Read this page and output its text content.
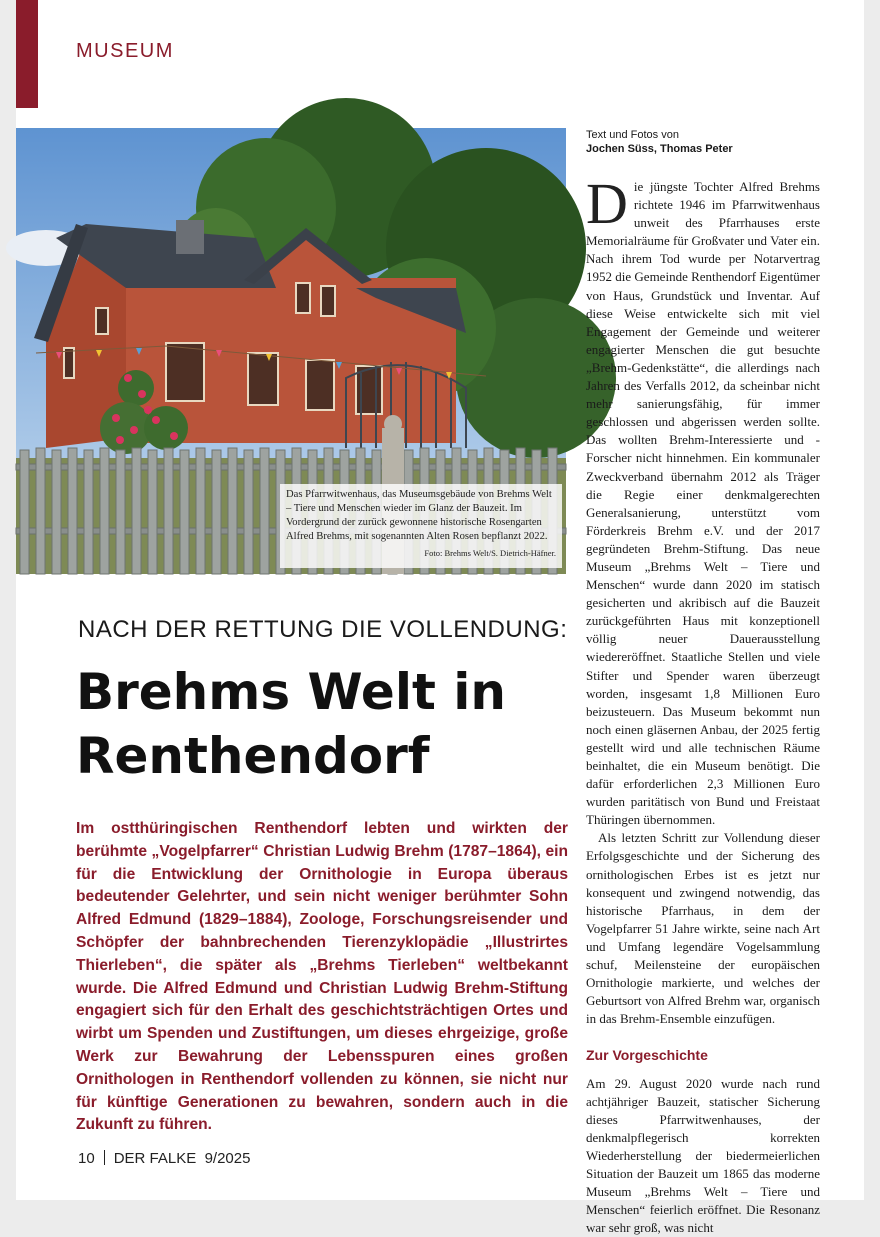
MUSEUM
Das Pfarrwitwenhaus, das Museumsgebäude von Brehms Welt – Tiere und Menschen wieder im Glanz der Bauzeit. Im Vordergrund der zurück gewonnene historische Rosengarten Alfred Brehms, mit sogenannten Alten Rosen bepflanzt 2022.
Foto: Brehms Welt/S. Dietrich-Häfner.
NACH DER RETTUNG DIE VOLLENDUNG:
Brehms Welt in
Renthendorf

Im ostthüringischen Renthendorf lebten und wirkten der berühmte „Vogelpfarrer“ Christian Ludwig Brehm (1787–1864), ein für die Entwicklung der Ornithologie in Europa überaus bedeutender Gelehrter, und sein nicht weniger berühmter Sohn Alfred Edmund (1829–1884), Zoologe, Forschungsreisender und Schöpfer der bahnbrechenden Tierenzyklopädie „Illustrirtes Thierleben“, die später als „Brehms Tierleben“ weltbekannt wurde. Die Alfred Edmund und Christian Ludwig Brehm-Stiftung engagiert sich für den Erhalt des geschichtsträchtigen Ortes und wirbt um Spenden und Zustiftungen, um dieses ehrgeizige, große Werk zur Bewahrung der Lebensspuren eines großen Ornithologen in Renthendorf vollenden zu können, sie nicht nur für künftige Generationen zu bewahren, sondern auch in die Zukunft zu führen.

10 DER FALKE 9/2025
Text und Fotos von
Jochen Süss, Thomas Peter

Die jüngste Tochter Alfred Brehms richtete 1946 im Pfarrwitwenhaus unweit des Pfarrhauses erste Memorialräume für Großvater und Vater ein. Nach ihrem Tod wurde per Notarvertrag 1952 die Gemeinde Renthendorf Eigentümer von Haus, Grundstück und Inventar. Auf diese Weise entwickelte sich mit viel Engagement der Gemeinde und weiterer engagierter Menschen die gut besuchte „Brehm-Gedenkstätte“, die allerdings nach Jahren des Verfalls 2012, da scheinbar nicht mehr sanierungsfähig, für immer geschlossen und abgerissen werden sollte. Das wollten Brehm-Interessierte und -Forscher nicht hinnehmen. Ein kommunaler Zweckverband übernahm 2012 als Träger die Regie einer denkmalgerechten Generalsanierung, unterstützt vom Förderkreis Brehm e.V. und der 2017 gegründeten Brehm-Stiftung. Das neue Museum „Brehms Welt – Tiere und Menschen“ wurde dann 2020 im statisch gesicherten und akribisch auf die Bauzeit zurückgeführten Haus mit konzeptionell völlig neuer Dauerausstellung wiedereröffnet. Staatliche Stellen und viele Stifter und Spender waren überzeugt worden, insgesamt 1,8 Millionen Euro beizusteuern. Das Museum bekommt nun noch einen gläsernen Anbau, der 2025 fertig gestellt wird und alle technischen Räume beinhaltet, die ein Museum benötigt. Die dafür erforderlichen 2,3 Millionen Euro wurden paritätisch von Bund und Freistaat Thüringen übernommen.

Als letzten Schritt zur Vollendung dieser Erfolgsgeschichte und der Sicherung des ornithologischen Erbes ist es jetzt nur konsequent und zwingend notwendig, das historische Pfarrhaus, in dem der Vogelpfarrer 51 Jahre wirkte, seine nach Art und Umfang legendäre Vogelsammlung schuf, Meilensteine der europäischen Ornithologie markierte, und welches der Geburtsort von Alfred Brehm war, organisch in das Brehm-Ensemble einzufügen.

Zur Vorgeschichte

Am 29. August 2020 wurde nach rund achtjähriger Bauzeit, statischer Sicherung dieses Pfarrwitwenhauses, der denkmalpflegerisch korrekten Wiederherstellung der biedermeierlichen Situation der Bauzeit um 1865 das moderne Museum „Brehms Welt – Tiere und Menschen“ feierlich eröffnet. Die Resonanz war sehr groß, was nicht
